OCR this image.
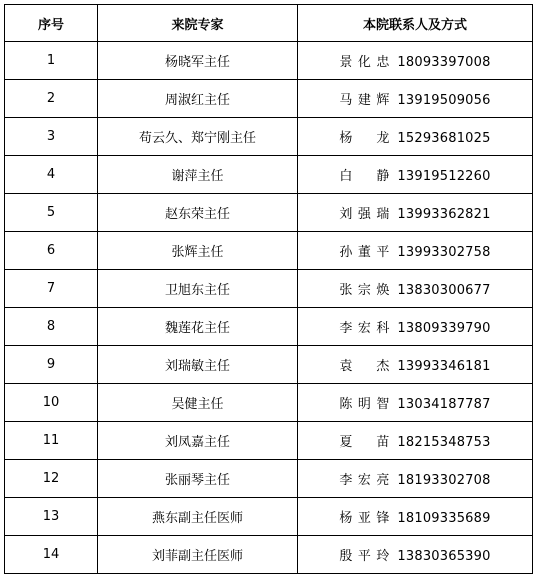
序号	来院专家	本院联系人及方式
1	杨晓军主任	景化忠 18093397008
2	周淑红主任	马建辉 13919509056
3	苟云久、郑宁刚主任	杨 龙 15293681025
4	谢萍主任	白 静 13919512260
5	赵东荣主任	刘强瑞 13993362821
6	张辉主任	孙董平 13993302758
7	卫旭东主任	张宗焕 13830300677
8	魏莲花主任	李宏科 13809339790
9	刘瑞敏主任	袁 杰 13993346181
10	吴健主任	陈明智 13034187787
11	刘凤嘉主任	夏 苗 18215348753
12	张丽琴主任	李宏亮 18193302708
13	燕东副主任医师	杨亚锋 18109335689
14	刘菲副主任医师	殷平玲 13830365390
